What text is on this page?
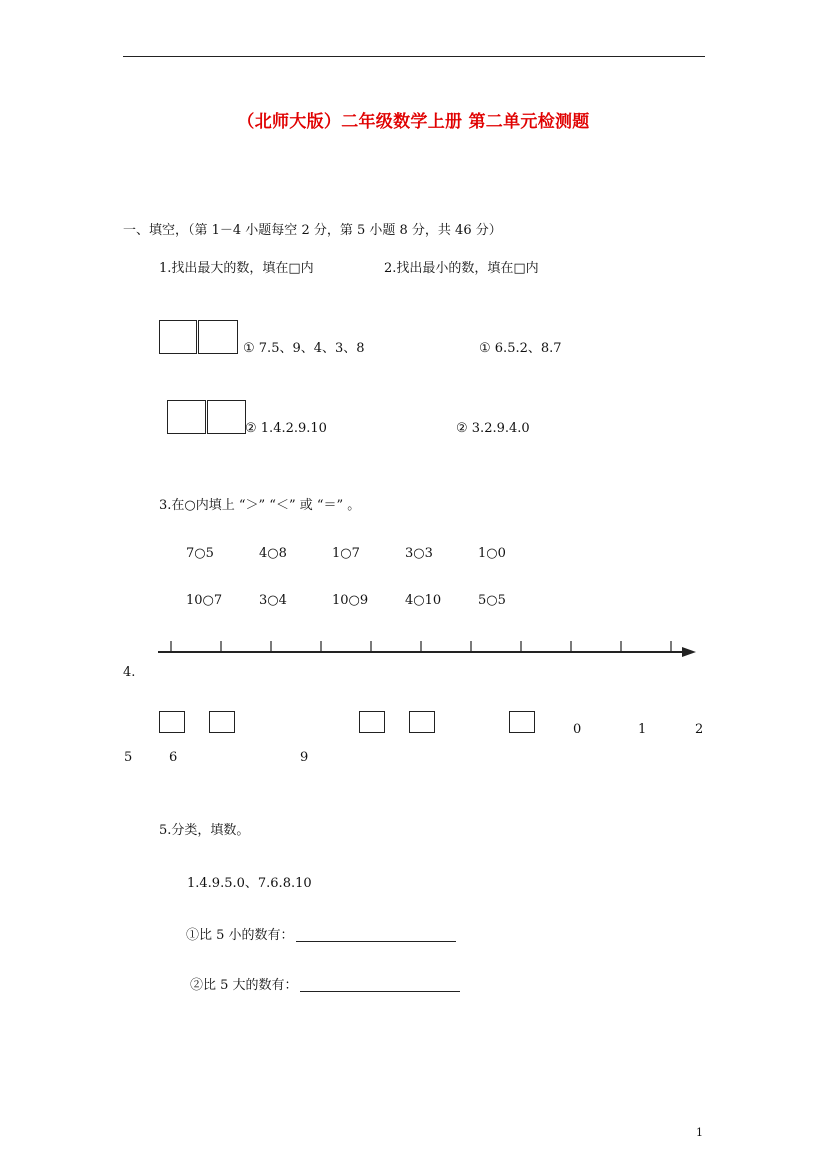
（北师大版）二年级数学上册 第二单元检测题
一、填空，（第 1－4 小题每空 2 分，第 5 小题 8 分，共 46 分）
1.找出最大的数，填在□内	2.找出最小的数，填在□内
① 7.5、9、4、3、8	① 6.5.2、8.7
② 1.4.2.9.10	② 3.2.9.4.0
3.在○内填上 “＞” “＜” 或 “＝” 。
7○5	4○8	1○7	3○3	1○0
10○7	3○4	10○9	4○10	5○5
4.
0	1	2
5	6	9
5.分类，填数。
1.4.9.5.0、7.6.8.10
①比 5 小的数有：
②比 5 大的数有：
1
